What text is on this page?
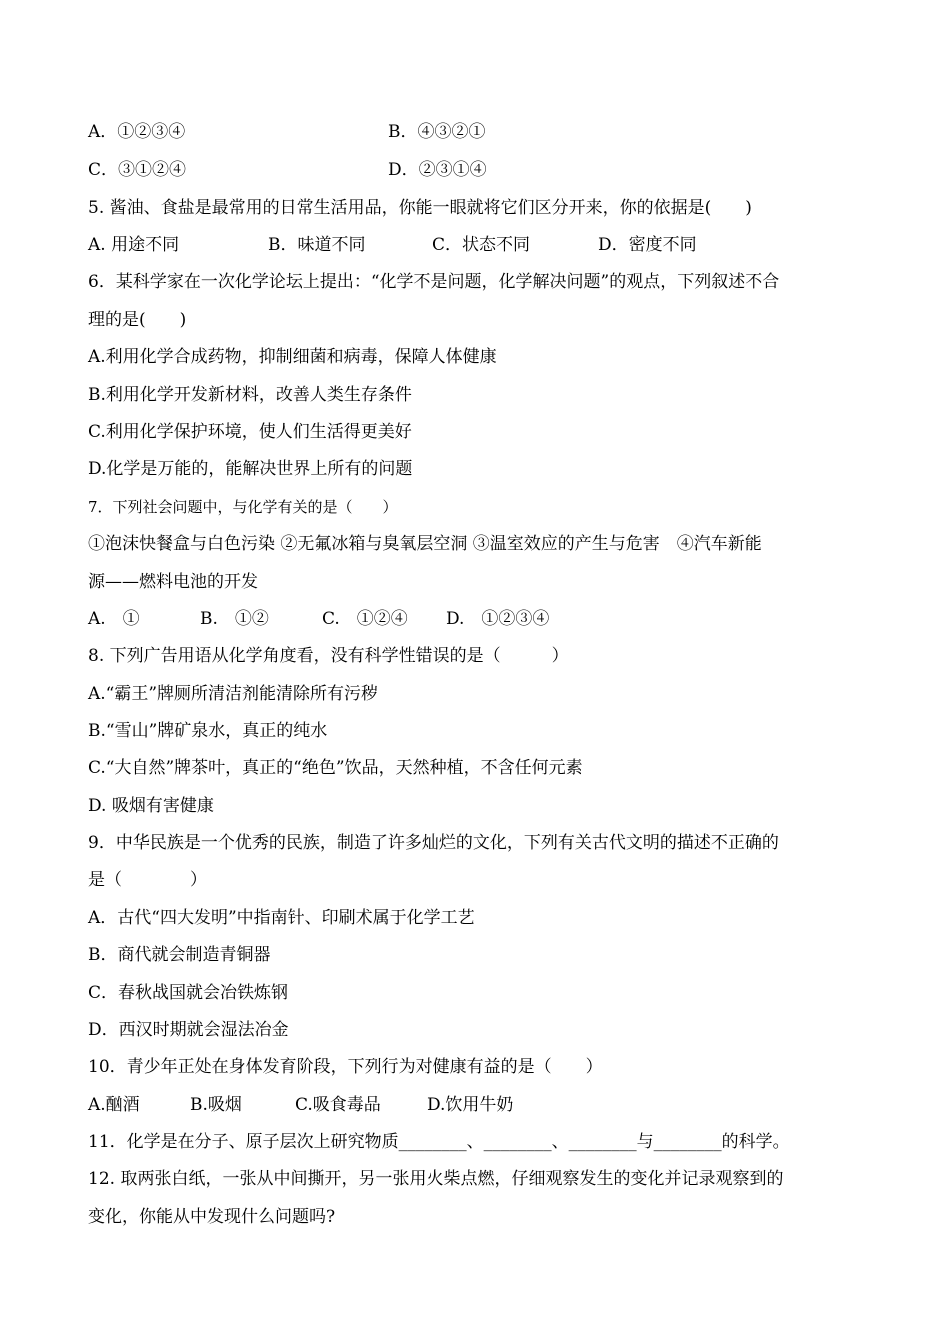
A．①②③④	B．④③②①
C．③①②④	D．②③①④
5. 酱油、食盐是最常用的日常生活用品，你能一眼就将它们区分开来，你的依据是(　　)
A. 用途不同	B．味道不同	C．状态不同	D．密度不同
6．某科学家在一次化学论坛上提出：“化学不是问题，化学解决问题”的观点，下列叙述不合
理的是(　　)
A.利用化学合成药物，抑制细菌和病毒，保障人体健康
B.利用化学开发新材料，改善人类生存条件
C.利用化学保护环境，使人们生活得更美好
D.化学是万能的，能解决世界上所有的问题
7．下列社会问题中，与化学有关的是（　　）
①泡沫快餐盒与白色污染 ②无氟冰箱与臭氧层空洞 ③温室效应的产生与危害　④汽车新能
源——燃料电池的开发
A.　①	B.　①②	C.　①②④ D.　①②③④
8. 下列广告用语从化学角度看，没有科学性错误的是（　　　）
A.“霸王”牌厕所清洁剂能清除所有污秽
B.“雪山”牌矿泉水，真正的纯水
C.“大自然”牌茶叶，真正的“绝色”饮品，天然种植，不含任何元素
D. 吸烟有害健康
9．中华民族是一个优秀的民族，制造了许多灿烂的文化，下列有关古代文明的描述不正确的
是（　　　　）
A．古代“四大发明”中指南针、印刷术属于化学工艺
B．商代就会制造青铜器
C．春秋战国就会冶铁炼钢
D．西汉时期就会湿法冶金
10．青少年正处在身体发育阶段，下列行为对健康有益的是（　　）
A.酗酒	B.吸烟	C.吸食毒品	D.饮用牛奶
11．化学是在分子、原子层次上研究物质________、________、________与________的科学。
12. 取两张白纸，一张从中间撕开，另一张用火柴点燃，仔细观察发生的变化并记录观察到的
变化，你能从中发现什么问题吗?
